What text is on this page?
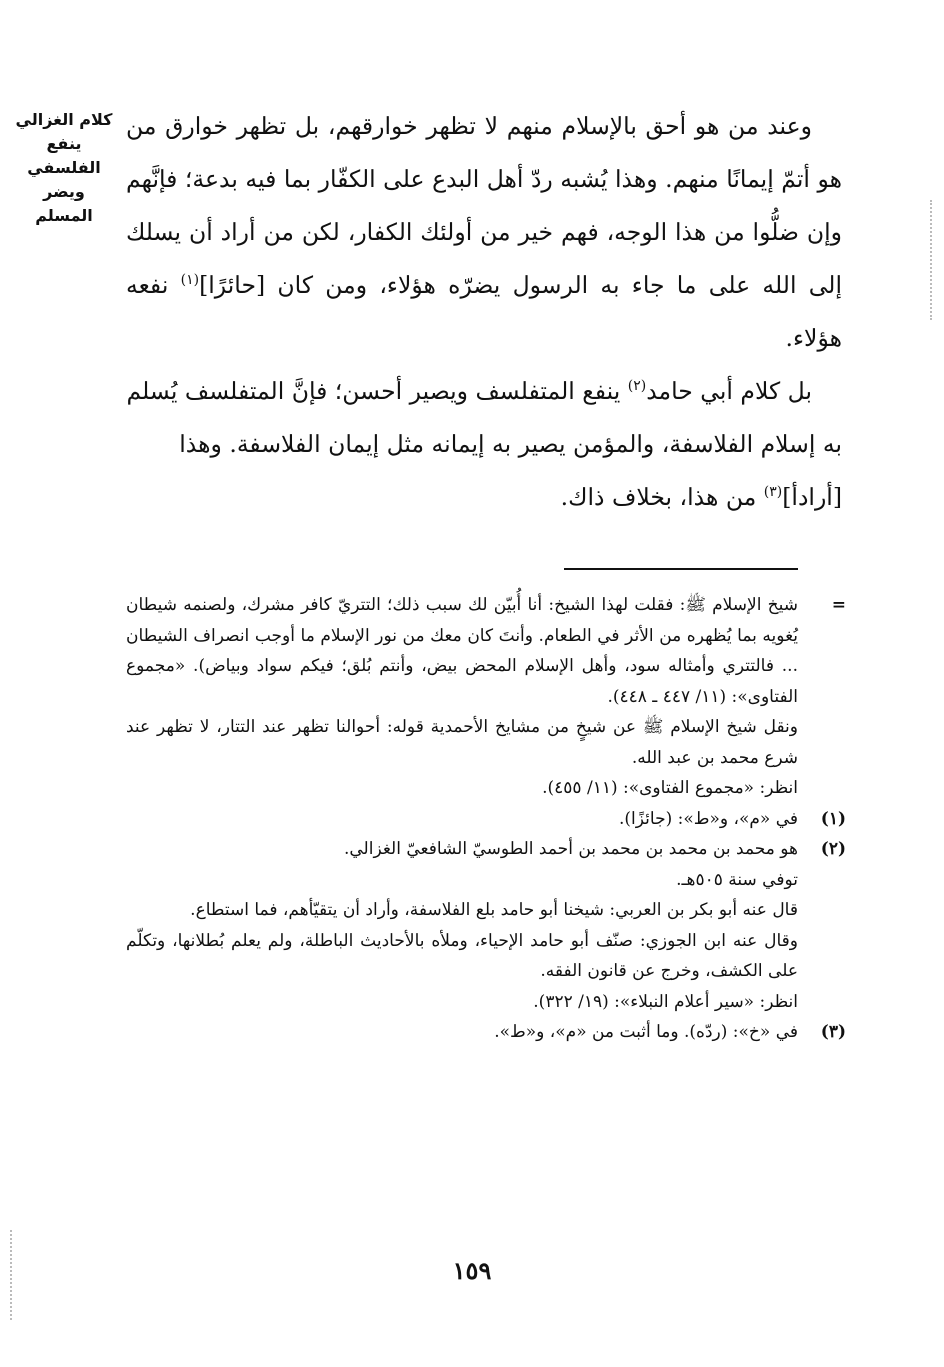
كلام الغزالي
ينفع الفلسفي ويضر
المسلم

وعند من هو أحق بالإسلام منهم لا تظهر خوارقهم، بل تظهر خوارق من هو أتمّ إيمانًا منهم. وهذا يُشبه ردّ أهل البدع على الكفّار بما فيه بدعة؛ فإنَّهم وإن ضلُّوا من هذا الوجه، فهم خير من أولئك الكفار، لكن من أراد أن يسلك إلى الله على ما جاء به الرسول يضرّه هؤلاء، ومن كان [حائرًا]$^{(١)}$ نفعه هؤلاء.

بل كلام أبي حامد$^{(٢)}$ ينفع المتفلسف ويصير أحسن؛ فإنَّ المتفلسف يُسلم به إسلام الفلاسفة، والمؤمن يصير به إيمانه مثل إيمان الفلاسفة. وهذا [أرادأ]$^{(٣)}$ من هذا، بخلاف ذاك.

=

شيخ الإسلام ﷺ: فقلت لهذا الشيخ: أنا أُبيّن لك سبب ذلك؛ التتريّ كافر مشرك، ولصنمه شيطان يُغويه بما يُظهره من الأثر في الطعام. وأنتَ كان معك من نور الإسلام ما أوجب انصراف الشيطان ... فالتتري وأمثاله سود، وأهل الإسلام المحض بيض، وأنتم بُلق؛ فيكم سواد وبياض). «مجموع الفتاوى»: (١١/ ٤٤٧ ـ ٤٤٨).

ونقل شيخ الإسلام ﷺ عن شيخٍ من مشايخ الأحمدية قوله: أحوالنا تظهر عند التتار، لا تظهر عند شرع محمد بن عبد الله.

انظر: «مجموع الفتاوى»: (١١/ ٤٥٥).

(١)

في «م»، و«ط»: (جائزًا).

(٢)

هو محمد بن محمد بن محمد بن أحمد الطوسيّ الشافعيّ الغزالي.

توفي سنة ٥٠٥هـ.

قال عنه أبو بكر بن العربي: شيخنا أبو حامد بلع الفلاسفة، وأراد أن يتقيّأهم، فما استطاع.

وقال عنه ابن الجوزي: صنّف أبو حامد الإحياء، وملأه بالأحاديث الباطلة، ولم يعلم بُطلانها، وتكلّم على الكشف، وخرج عن قانون الفقه.

انظر: «سير أعلام النبلاء»: (١٩/ ٣٢٢).

(٣)

في «خ»: (ردّه). وما أثبت من «م»، و«ط».

١٥٩
